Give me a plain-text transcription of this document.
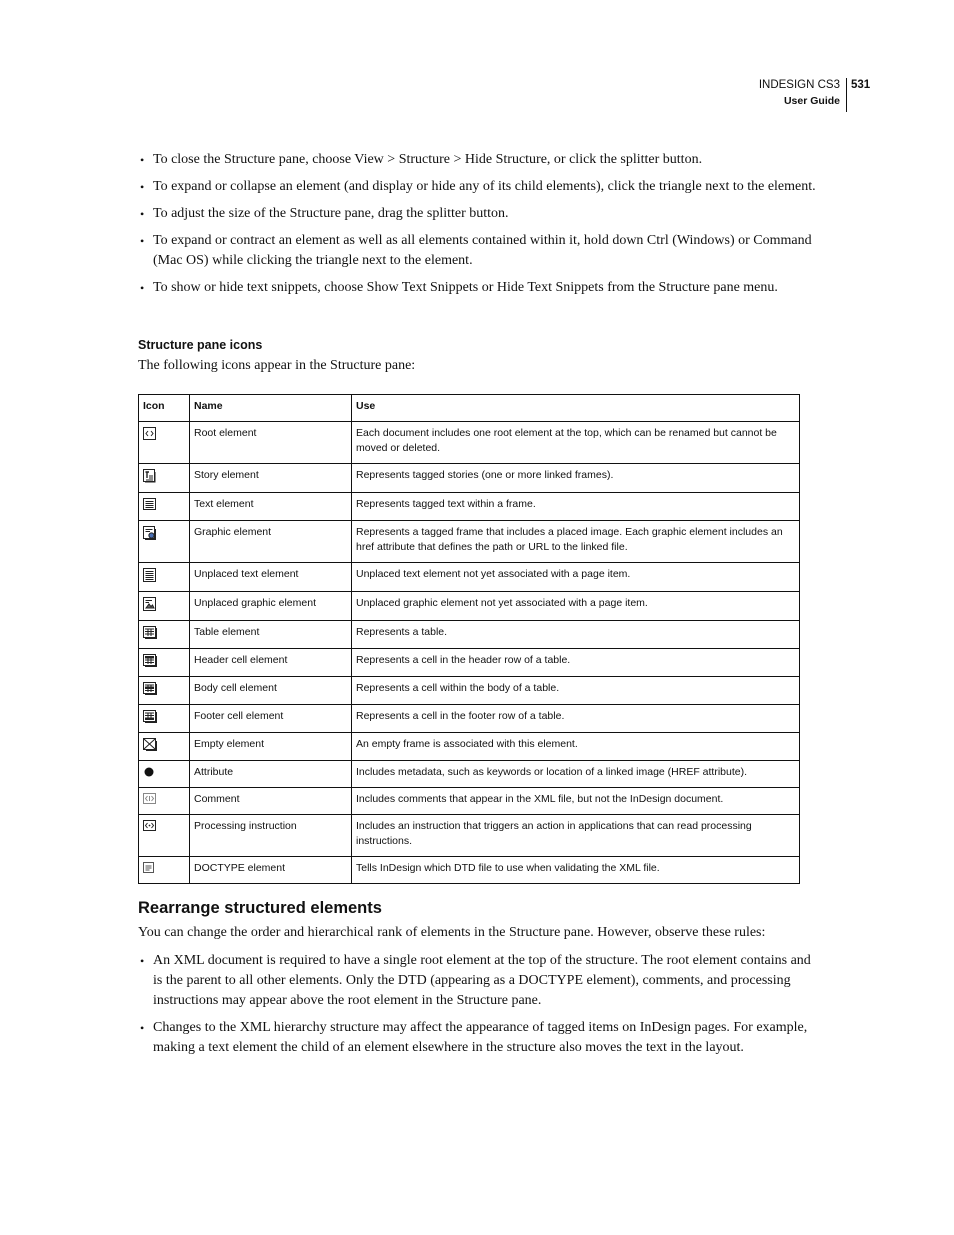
INDESIGN CS3
User Guide
531
• To close the Structure pane, choose View > Structure > Hide Structure, or click the splitter button.
• To expand or collapse an element (and display or hide any of its child elements), click the triangle next to the element.
• To adjust the size of the Structure pane, drag the splitter button.
• To expand or contract an element as well as all elements contained within it, hold down Ctrl (Windows) or Command (Mac OS) while clicking the triangle next to the element.
• To show or hide text snippets, choose Show Text Snippets or Hide Text Snippets from the Structure pane menu.
Structure pane icons
The following icons appear in the Structure pane:
Icon	Name	Use
	Root element	Each document includes one root element at the top, which can be renamed but cannot be moved or deleted.
	Story element	Represents tagged stories (one or more linked frames).
	Text element	Represents tagged text within a frame.
	Graphic element	Represents a tagged frame that includes a placed image. Each graphic element includes an href attribute that defines the path or URL to the linked file.
	Unplaced text element	Unplaced text element not yet associated with a page item.
	Unplaced graphic element	Unplaced graphic element not yet associated with a page item.
	Table element	Represents a table.
	Header cell element	Represents a cell in the header row of a table.
	Body cell element	Represents a cell within the body of a table.
	Footer cell element	Represents a cell in the footer row of a table.
	Empty element	An empty frame is associated with this element.
	Attribute	Includes metadata, such as keywords or location of a linked image (HREF attribute).
	Comment	Includes comments that appear in the XML file, but not the InDesign document.
	Processing instruction	Includes an instruction that triggers an action in applications that can read processing instructions.
	DOCTYPE element	Tells InDesign which DTD file to use when validating the XML file.
Rearrange structured elements
You can change the order and hierarchical rank of elements in the Structure pane. However, observe these rules:
• An XML document is required to have a single root element at the top of the structure. The root element contains and is the parent to all other elements. Only the DTD (appearing as a DOCTYPE element), comments, and processing instructions may appear above the root element in the Structure pane.
• Changes to the XML hierarchy structure may affect the appearance of tagged items on InDesign pages. For example, making a text element the child of an element elsewhere in the structure also moves the text in the layout.
